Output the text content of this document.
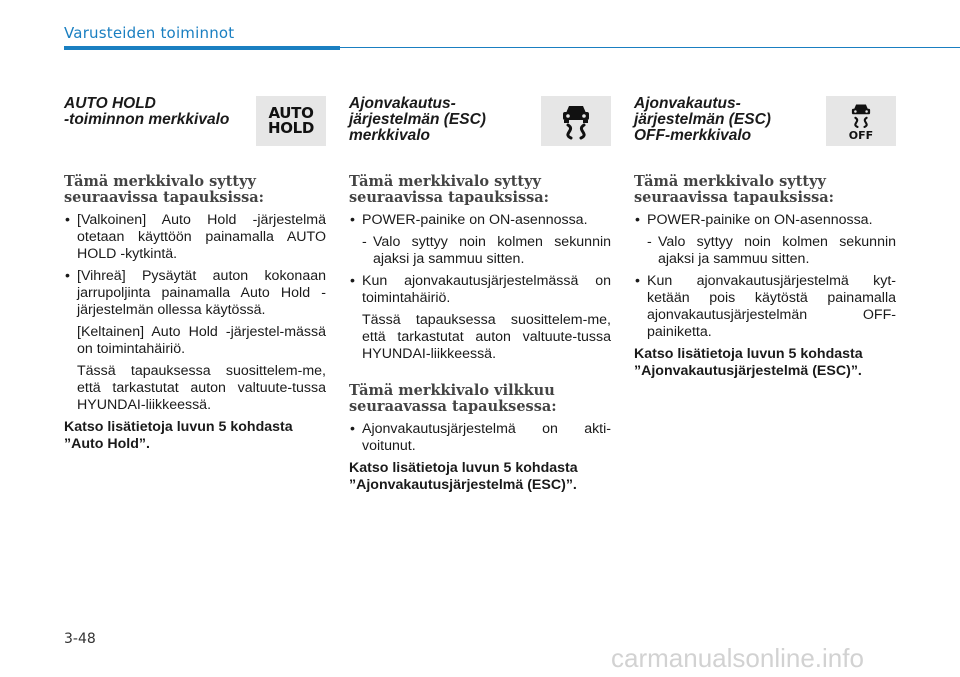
Varusteiden toiminnot
AUTO HOLD
-toiminnon merkkivalo	AUTO
HOLD
Tämä merkkivalo syttyy
seuraavissa tapauksissa:
• [Valkoinen] Auto Hold -järjestelmä otetaan käyttöön painamalla AUTO HOLD -kytkintä.
• [Vihreä] Pysäytät auton kokonaan jarrupoljinta painamalla Auto Hold -järjestelmän ollessa käytössä.
[Keltainen] Auto Hold -järjestel-mässä on toimintahäiriö.
Tässä tapauksessa suosittelem-me, että tarkastutat auton valtuute-tussa HYUNDAI-liikkeessä.
Katso lisätietoja luvun 5 kohdasta ”Auto Hold”.
Ajonvakautus-
järjestelmän (ESC)
merkkivalo
Tämä merkkivalo syttyy
seuraavissa tapauksissa:
• POWER-painike on ON-asennossa.
- Valo syttyy noin kolmen sekunnin ajaksi ja sammuu sitten.
• Kun ajonvakautusjärjestelmässä on toimintahäiriö.
Tässä tapauksessa suosittelem-me, että tarkastutat auton valtuute-tussa HYUNDAI-liikkeessä.
Tämä merkkivalo vilkkuu
seuraavassa tapauksessa:
• Ajonvakautusjärjestelmä on akti-voitunut.
Katso lisätietoja luvun 5 kohdasta ”Ajonvakautusjärjestelmä (ESC)”.
Ajonvakautus-
järjestelmän (ESC)
OFF-merkkivalo	OFF
Tämä merkkivalo syttyy
seuraavissa tapauksissa:
• POWER-painike on ON-asennossa.
- Valo syttyy noin kolmen sekunnin ajaksi ja sammuu sitten.
• Kun ajonvakautusjärjestelmä kyt-ketään pois käytöstä painamalla ajonvakautusjärjestelmän OFF-painiketta.
Katso lisätietoja luvun 5 kohdasta ”Ajonvakautusjärjestelmä (ESC)”.
3-48
carmanualsonline.info
